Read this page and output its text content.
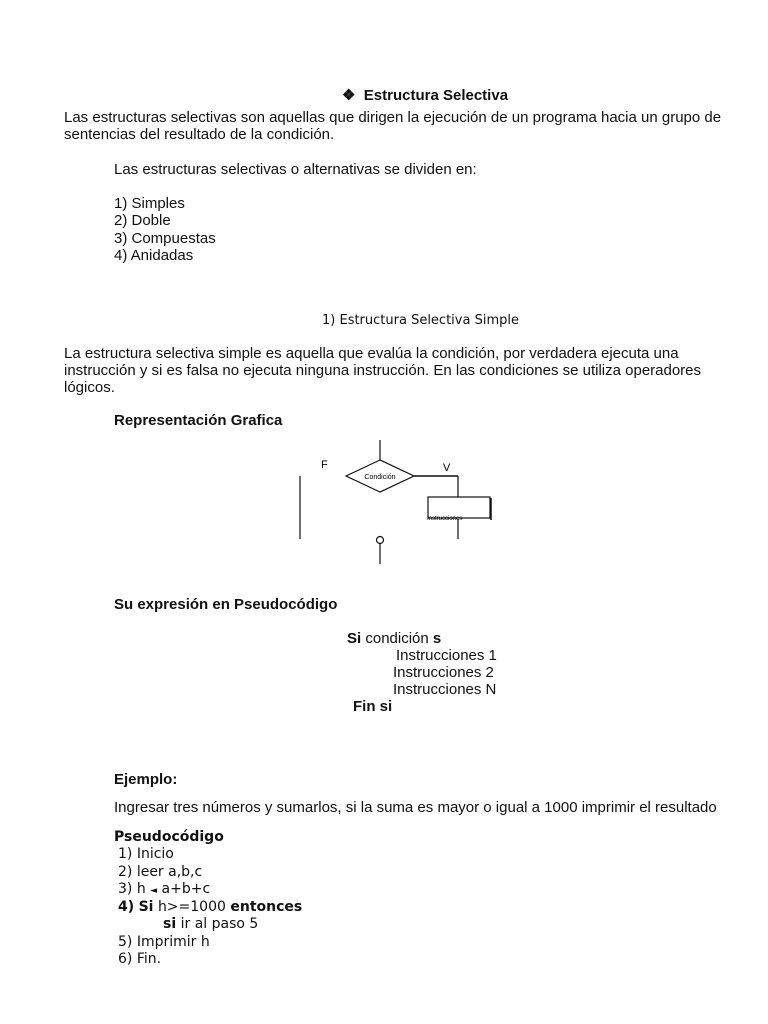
❖ Estructura Selectiva
Las estructuras selectivas son aquellas que dirigen la ejecución de un programa hacia un grupo de
sentencias del resultado de la condición.
Las estructuras selectivas o alternativas se dividen en:
1) Simples
2) Doble
3) Compuestas
4) Anidadas
1) Estructura Selectiva Simple
La estructura selectiva simple es aquella que evalúa la condición, por verdadera ejecuta una
instrucción y si es falsa no ejecuta ninguna instrucción. En las condiciones se utiliza operadores
lógicos.
Representación Grafica
Condición
Instrucciones
F	V
Su expresión en Pseudocódigo
Si condición s
Instrucciones 1
Instrucciones 2
Instrucciones N
Fin si
Ejemplo:
Ingresar tres números y sumarlos, si la suma es mayor o igual a 1000 imprimir el resultado
Pseudocódigo
1) Inicio
2) leer a,b,c
3) h ◄ a+b+c
4) Si h>=1000 entonces
si ir al paso 5
5) Imprimir h
6) Fin.
